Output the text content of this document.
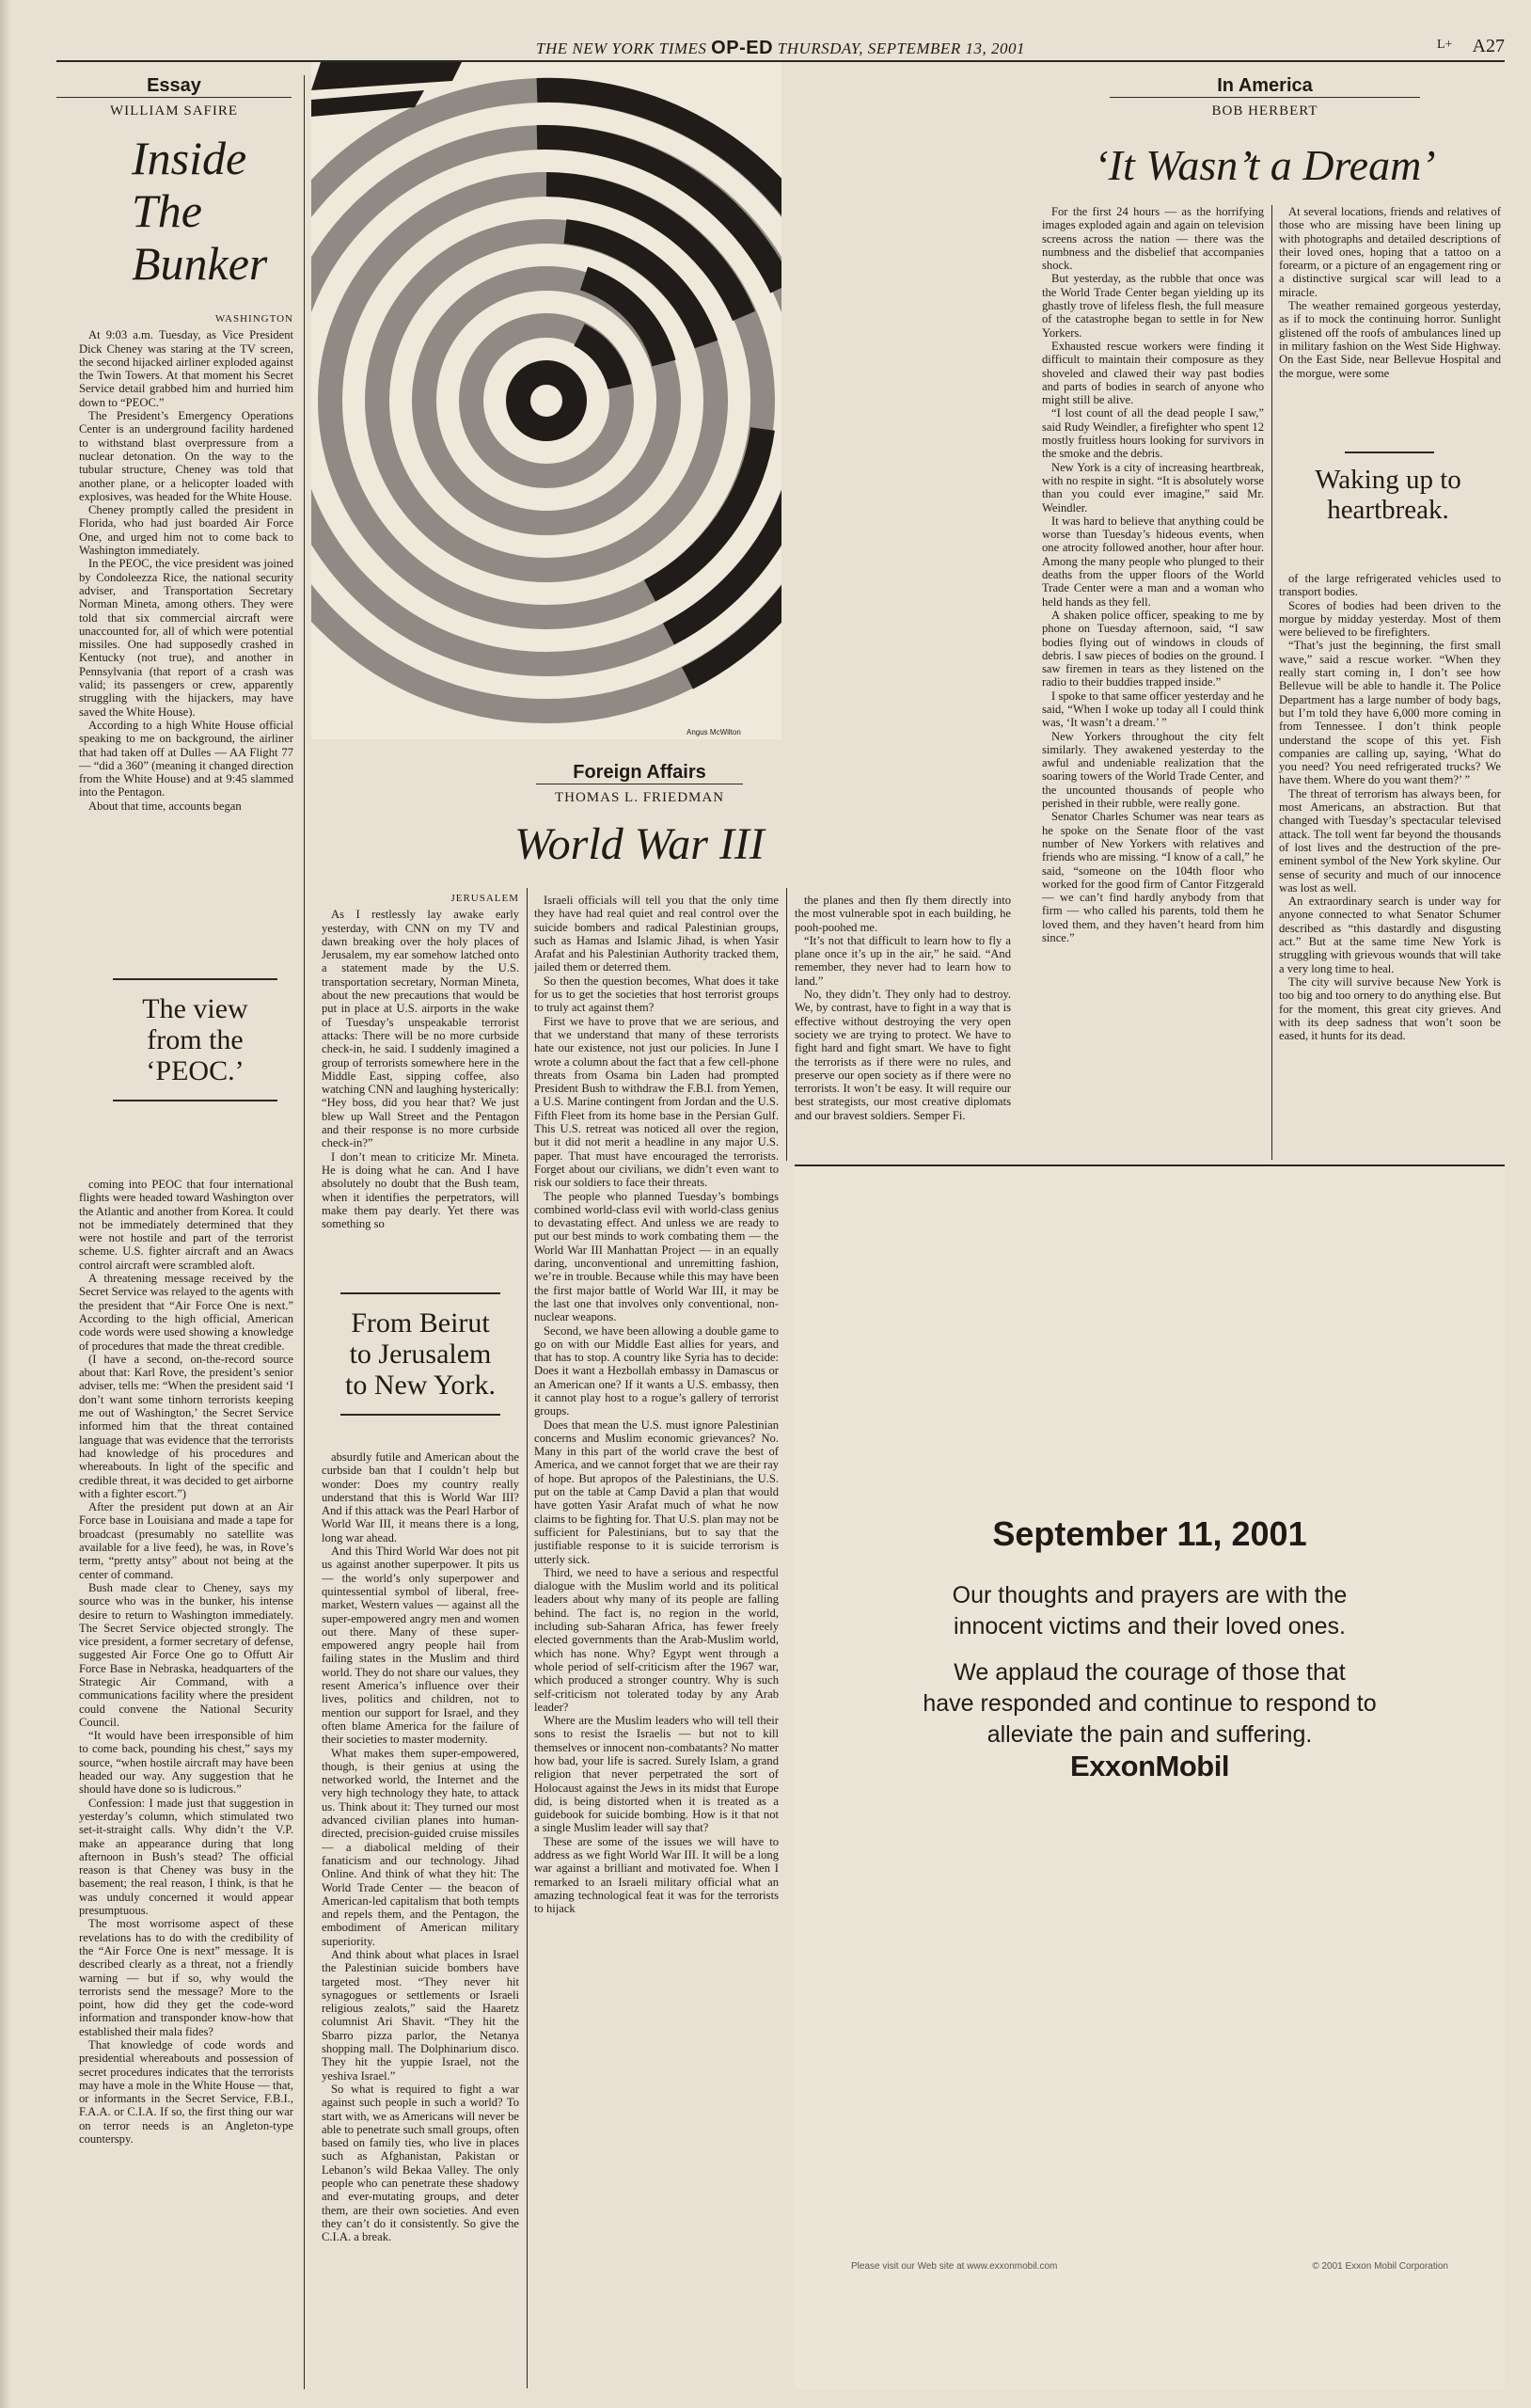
THE NEW YORK TIMES OP-ED THURSDAY, SEPTEMBER 13, 2001	L+ A27
Essay
WILLIAM SAFIRE
Inside
The
Bunker
WASHINGTON

At 9:03 a.m. Tuesday, as Vice President Dick Cheney was staring at the TV screen, the second hijacked airliner exploded against the Twin Towers. At that moment his Secret Service detail grabbed him and hurried him down to “PEOC.”

The President’s Emergency Operations Center is an underground facility hardened to withstand blast overpressure from a nuclear detonation. On the way to the tubular structure, Cheney was told that another plane, or a helicopter loaded with explosives, was headed for the White House.

Cheney promptly called the president in Florida, who had just boarded Air Force One, and urged him not to come back to Washington immediately.

In the PEOC, the vice president was joined by Condoleezza Rice, the national security adviser, and Transportation Secretary Norman Mineta, among others. They were told that six commercial aircraft were unaccounted for, all of which were potential missiles. One had supposedly crashed in Kentucky (not true), and another in Pennsylvania (that report of a crash was valid; its passengers or crew, apparently struggling with the hijackers, may have saved the White House).

According to a high White House official speaking to me on background, the airliner that had taken off at Dulles — AA Flight 77 — “did a 360” (meaning it changed direction from the White House) and at 9:45 slammed into the Pentagon.

About that time, accounts began

The view from the ‘PEOC.’

coming into PEOC that four international flights were headed toward Washington over the Atlantic and another from Korea. It could not be immediately determined that they were not hostile and part of the terrorist scheme. U.S. fighter aircraft and an Awacs control aircraft were scrambled aloft.

A threatening message received by the Secret Service was relayed to the agents with the president that “Air Force One is next.” According to the high official, American code words were used showing a knowledge of procedures that made the threat credible.

(I have a second, on-the-record source about that: Karl Rove, the president’s senior adviser, tells me: “When the president said ‘I don’t want some tinhorn terrorists keeping me out of Washington,’ the Secret Service informed him that the threat contained language that was evidence that the terrorists had knowledge of his procedures and whereabouts. In light of the specific and credible threat, it was decided to get airborne with a fighter escort.”)

After the president put down at an Air Force base in Louisiana and made a tape for broadcast (presumably no satellite was available for a live feed), he was, in Rove’s term, “pretty antsy” about not being at the center of command.

Bush made clear to Cheney, says my source who was in the bunker, his intense desire to return to Washington immediately. The Secret Service objected strongly. The vice president, a former secretary of defense, suggested Air Force One go to Offutt Air Force Base in Nebraska, headquarters of the Strategic Air Command, with a communications facility where the president could convene the National Security Council.

“It would have been irresponsible of him to come back, pounding his chest,” says my source, “when hostile aircraft may have been headed our way. Any suggestion that he should have done so is ludicrous.”

Confession: I made just that suggestion in yesterday’s column, which stimulated two set-it-straight calls. Why didn’t the V.P. make an appearance during that long afternoon in Bush’s stead? The official reason is that Cheney was busy in the basement; the real reason, I think, is that he was unduly concerned it would appear presumptuous.

The most worrisome aspect of these revelations has to do with the credibility of the “Air Force One is next” message. It is described clearly as a threat, not a friendly warning — but if so, why would the terrorists send the message? More to the point, how did they get the code-word information and transponder know-how that established their mala fides?

That knowledge of code words and presidential whereabouts and possession of secret procedures indicates that the terrorists may have a mole in the White House — that, or informants in the Secret Service, F.B.I., F.A.A. or C.I.A. If so, the first thing our war on terror needs is an Angleton-type counterspy.

Angus McWilton
Foreign Affairs
THOMAS L. FRIEDMAN
World War III
JERUSALEM

As I restlessly lay awake early yesterday, with CNN on my TV and dawn breaking over the holy places of Jerusalem, my ear somehow latched onto a statement made by the U.S. transportation secretary, Norman Mineta, about the new precautions that would be put in place at U.S. airports in the wake of Tuesday’s unspeakable terrorist attacks: There will be no more curbside check-in, he said. I suddenly imagined a group of terrorists somewhere here in the Middle East, sipping coffee, also watching CNN and laughing hysterically: “Hey boss, did you hear that? We just blew up Wall Street and the Pentagon and their response is no more curbside check-in?”

I don’t mean to criticize Mr. Mineta. He is doing what he can. And I have absolutely no doubt that the Bush team, when it identifies the perpetrators, will make them pay dearly. Yet there was something so

From Beirut to Jerusalem to New York.

absurdly futile and American about the curbside ban that I couldn’t help but wonder: Does my country really understand that this is World War III? And if this attack was the Pearl Harbor of World War III, it means there is a long, long war ahead.

And this Third World War does not pit us against another superpower. It pits us — the world’s only superpower and quintessential symbol of liberal, free-market, Western values — against all the super-empowered angry men and women out there. Many of these super-empowered angry people hail from failing states in the Muslim and third world. They do not share our values, they resent America’s influence over their lives, politics and children, not to mention our support for Israel, and they often blame America for the failure of their societies to master modernity.

What makes them super-empowered, though, is their genius at using the networked world, the Internet and the very high technology they hate, to attack us. Think about it: They turned our most advanced civilian planes into human-directed, precision-guided cruise missiles — a diabolical melding of their fanaticism and our technology. Jihad Online. And think of what they hit: The World Trade Center — the beacon of American-led capitalism that both tempts and repels them, and the Pentagon, the embodiment of American military superiority.

And think about what places in Israel the Palestinian suicide bombers have targeted most. “They never hit synagogues or settlements or Israeli religious zealots,” said the Haaretz columnist Ari Shavit. “They hit the Sbarro pizza parlor, the Netanya shopping mall. The Dolphinarium disco. They hit the yuppie Israel, not the yeshiva Israel.”

So what is required to fight a war against such people in such a world? To start with, we as Americans will never be able to penetrate such small groups, often based on family ties, who live in places such as Afghanistan, Pakistan or Lebanon’s wild Bekaa Valley. The only people who can penetrate these shadowy and ever-mutating groups, and deter them, are their own societies. And even they can’t do it consistently. So give the C.I.A. a break.

Israeli officials will tell you that the only time they have had real quiet and real control over the suicide bombers and radical Palestinian groups, such as Hamas and Islamic Jihad, is when Yasir Arafat and his Palestinian Authority tracked them, jailed them or deterred them.

So then the question becomes, What does it take for us to get the societies that host terrorist groups to truly act against them?

First we have to prove that we are serious, and that we understand that many of these terrorists hate our existence, not just our policies. In June I wrote a column about the fact that a few cell-phone threats from Osama bin Laden had prompted President Bush to withdraw the F.B.I. from Yemen, a U.S. Marine contingent from Jordan and the U.S. Fifth Fleet from its home base in the Persian Gulf. This U.S. retreat was noticed all over the region, but it did not merit a headline in any major U.S. paper. That must have encouraged the terrorists. Forget about our civilians, we didn’t even want to risk our soldiers to face their threats.

The people who planned Tuesday’s bombings combined world-class evil with world-class genius to devastating effect. And unless we are ready to put our best minds to work combating them — the World War III Manhattan Project — in an equally daring, unconventional and unremitting fashion, we’re in trouble. Because while this may have been the first major battle of World War III, it may be the last one that involves only conventional, non-nuclear weapons.

Second, we have been allowing a double game to go on with our Middle East allies for years, and that has to stop. A country like Syria has to decide: Does it want a Hezbollah embassy in Damascus or an American one? If it wants a U.S. embassy, then it cannot play host to a rogue’s gallery of terrorist groups.

Does that mean the U.S. must ignore Palestinian concerns and Muslim economic grievances? No. Many in this part of the world crave the best of America, and we cannot forget that we are their ray of hope. But apropos of the Palestinians, the U.S. put on the table at Camp David a plan that would have gotten Yasir Arafat much of what he now claims to be fighting for. That U.S. plan may not be sufficient for Palestinians, but to say that the justifiable response to it is suicide terrorism is utterly sick.

Third, we need to have a serious and respectful dialogue with the Muslim world and its political leaders about why many of its people are falling behind. The fact is, no region in the world, including sub-Saharan Africa, has fewer freely elected governments than the Arab-Muslim world, which has none. Why? Egypt went through a whole period of self-criticism after the 1967 war, which produced a stronger country. Why is such self-criticism not tolerated today by any Arab leader?

Where are the Muslim leaders who will tell their sons to resist the Israelis — but not to kill themselves or innocent non-combatants? No matter how bad, your life is sacred. Surely Islam, a grand religion that never perpetrated the sort of Holocaust against the Jews in its midst that Europe did, is being distorted when it is treated as a guidebook for suicide bombing. How is it that not a single Muslim leader will say that?

These are some of the issues we will have to address as we fight World War III. It will be a long war against a brilliant and motivated foe. When I remarked to an Israeli military official what an amazing technological feat it was for the terrorists to hijack

the planes and then fly them directly into the most vulnerable spot in each building, he pooh-poohed me.

“It’s not that difficult to learn how to fly a plane once it’s up in the air,” he said. “And remember, they never had to learn how to land.”

No, they didn’t. They only had to destroy. We, by contrast, have to fight in a way that is effective without destroying the very open society we are trying to protect. We have to fight hard and fight smart. We have to fight the terrorists as if there were no rules, and preserve our open society as if there were no terrorists. It won’t be easy. It will require our best strategists, our most creative diplomats and our bravest soldiers. Semper Fi.

In America
BOB HERBERT
‘It Wasn’t a Dream’

For the first 24 hours — as the horrifying images exploded again and again on television screens across the nation — there was the numbness and the disbelief that accompanies shock.

But yesterday, as the rubble that once was the World Trade Center began yielding up its ghastly trove of lifeless flesh, the full measure of the catastrophe began to settle in for New Yorkers.

Exhausted rescue workers were finding it difficult to maintain their composure as they shoveled and clawed their way past bodies and parts of bodies in search of anyone who might still be alive.

“I lost count of all the dead people I saw,” said Rudy Weindler, a firefighter who spent 12 mostly fruitless hours looking for survivors in the smoke and the debris.

New York is a city of increasing heartbreak, with no respite in sight. “It is absolutely worse than you could ever imagine,” said Mr. Weindler.

It was hard to believe that anything could be worse than Tuesday’s hideous events, when one atrocity followed another, hour after hour. Among the many people who plunged to their deaths from the upper floors of the World Trade Center were a man and a woman who held hands as they fell.

A shaken police officer, speaking to me by phone on Tuesday afternoon, said, “I saw bodies flying out of windows in clouds of debris. I saw pieces of bodies on the ground. I saw firemen in tears as they listened on the radio to their buddies trapped inside.”

I spoke to that same officer yesterday and he said, “When I woke up today all I could think was, ‘It wasn’t a dream.’ ”

New Yorkers throughout the city felt similarly. They awakened yesterday to the awful and undeniable realization that the soaring towers of the World Trade Center, and the uncounted thousands of people who perished in their rubble, were really gone.

Senator Charles Schumer was near tears as he spoke on the Senate floor of the vast number of New Yorkers with relatives and friends who are missing. “I know of a call,” he said, “someone on the 104th floor who worked for the good firm of Cantor Fitzgerald — we can’t find hardly anybody from that firm — who called his parents, told them he loved them, and they haven’t heard from him since.”

At several locations, friends and relatives of those who are missing have been lining up with photographs and detailed descriptions of their loved ones, hoping that a tattoo on a forearm, or a picture of an engagement ring or a distinctive surgical scar will lead to a miracle.

The weather remained gorgeous yesterday, as if to mock the continuing horror. Sunlight glistened off the roofs of ambulances lined up in military fashion on the West Side Highway. On the East Side, near Bellevue Hospital and the morgue, were some

Waking up to heartbreak.

of the large refrigerated vehicles used to transport bodies.

Scores of bodies had been driven to the morgue by midday yesterday. Most of them were believed to be firefighters.

“That’s just the beginning, the first small wave,” said a rescue worker. “When they really start coming in, I don’t see how Bellevue will be able to handle it. The Police Department has a large number of body bags, but I’m told they have 6,000 more coming in from Tennessee. I don’t think people understand the scope of this yet. Fish companies are calling up, saying, ‘What do you need? You need refrigerated trucks? We have them. Where do you want them?’ ”

The threat of terrorism has always been, for most Americans, an abstraction. But that changed with Tuesday’s spectacular televised attack. The toll went far beyond the thousands of lost lives and the destruction of the pre-eminent symbol of the New York skyline. Our sense of security and much of our innocence was lost as well.

An extraordinary search is under way for anyone connected to what Senator Schumer described as “this dastardly and disgusting act.” But at the same time New York is struggling with grievous wounds that will take a very long time to heal.

The city will survive because New York is too big and too ornery to do anything else. But for the moment, this great city grieves. And with its deep sadness that won’t soon be eased, it hunts for its dead.

September 11, 2001
Our thoughts and prayers are with the
innocent victims and their loved ones.
We applaud the courage of those that
have responded and continue to respond to
alleviate the pain and suffering.
ExxonMobil
Please visit our Web site at www.exxonmobil.com	© 2001 Exxon Mobil Corporation
